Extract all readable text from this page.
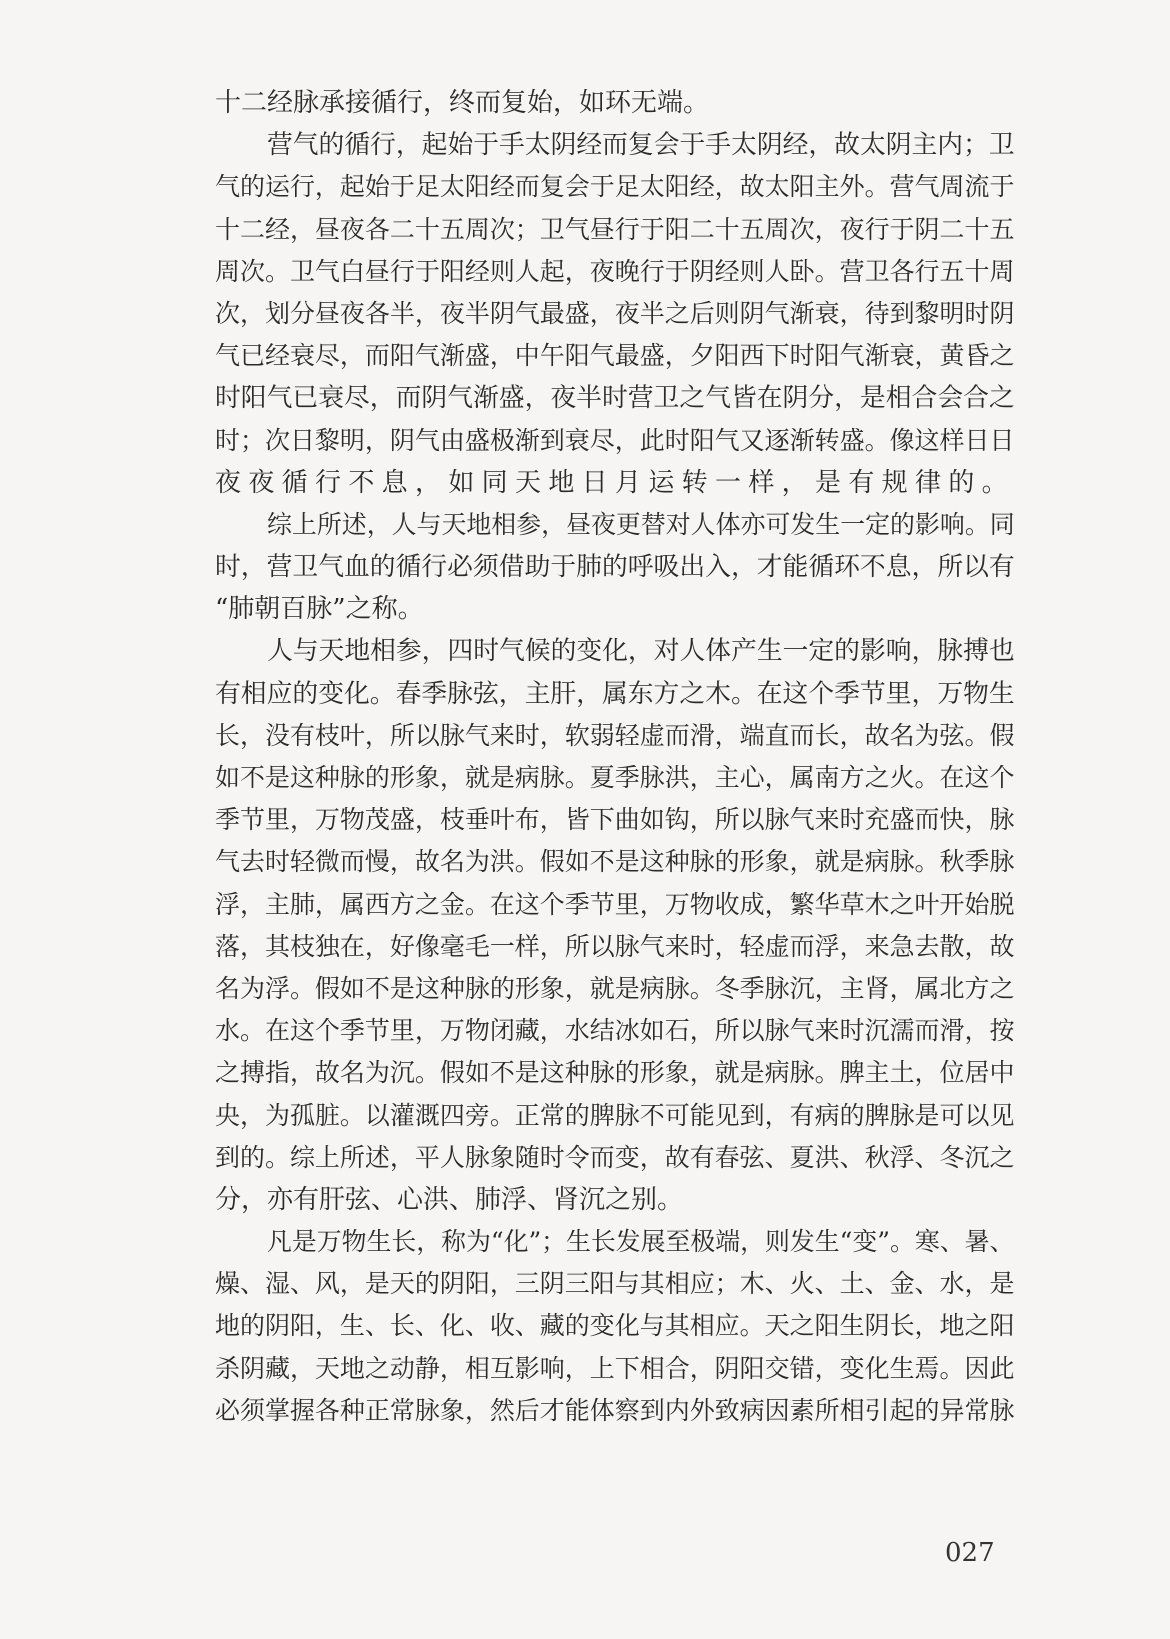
十二经脉承接循行，终而复始，如环无端。
营气的循行，起始于手太阴经而复会于手太阴经，故太阴主内；卫
气的运行，起始于足太阳经而复会于足太阳经，故太阳主外。营气周流于
十二经，昼夜各二十五周次；卫气昼行于阳二十五周次，夜行于阴二十五
周次。卫气白昼行于阳经则人起，夜晚行于阴经则人卧。营卫各行五十周
次，划分昼夜各半，夜半阴气最盛，夜半之后则阴气渐衰，待到黎明时阴
气已经衰尽，而阳气渐盛，中午阳气最盛，夕阳西下时阳气渐衰，黄昏之
时阳气已衰尽，而阴气渐盛，夜半时营卫之气皆在阴分，是相合会合之
时；次日黎明，阴气由盛极渐到衰尽，此时阳气又逐渐转盛。像这样日日
夜夜循行不息，如同天地日月运转一样，是有规律的。
综上所述，人与天地相参，昼夜更替对人体亦可发生一定的影响。同
时，营卫气血的循行必须借助于肺的呼吸出入，才能循环不息，所以有
“肺朝百脉”之称。
人与天地相参，四时气候的变化，对人体产生一定的影响，脉搏也
有相应的变化。春季脉弦，主肝，属东方之木。在这个季节里，万物生
长，没有枝叶，所以脉气来时，软弱轻虚而滑，端直而长，故名为弦。假
如不是这种脉的形象，就是病脉。夏季脉洪，主心，属南方之火。在这个
季节里，万物茂盛，枝垂叶布，皆下曲如钩，所以脉气来时充盛而快，脉
气去时轻微而慢，故名为洪。假如不是这种脉的形象，就是病脉。秋季脉
浮，主肺，属西方之金。在这个季节里，万物收成，繁华草木之叶开始脱
落，其枝独在，好像毫毛一样，所以脉气来时，轻虚而浮，来急去散，故
名为浮。假如不是这种脉的形象，就是病脉。冬季脉沉，主肾，属北方之
水。在这个季节里，万物闭藏，水结冰如石，所以脉气来时沉濡而滑，按
之搏指，故名为沉。假如不是这种脉的形象，就是病脉。脾主土，位居中
央，为孤脏。以灌溉四旁。正常的脾脉不可能见到，有病的脾脉是可以见
到的。综上所述，平人脉象随时令而变，故有春弦、夏洪、秋浮、冬沉之
分，亦有肝弦、心洪、肺浮、肾沉之别。
凡是万物生长，称为“化”；生长发展至极端，则发生“变”。寒、暑、
燥、湿、风，是天的阴阳，三阴三阳与其相应；木、火、土、金、水，是
地的阴阳，生、长、化、收、藏的变化与其相应。天之阳生阴长，地之阳
杀阴藏，天地之动静，相互影响，上下相合，阴阳交错，变化生焉。因此
必须掌握各种正常脉象，然后才能体察到内外致病因素所相引起的异常脉
027
